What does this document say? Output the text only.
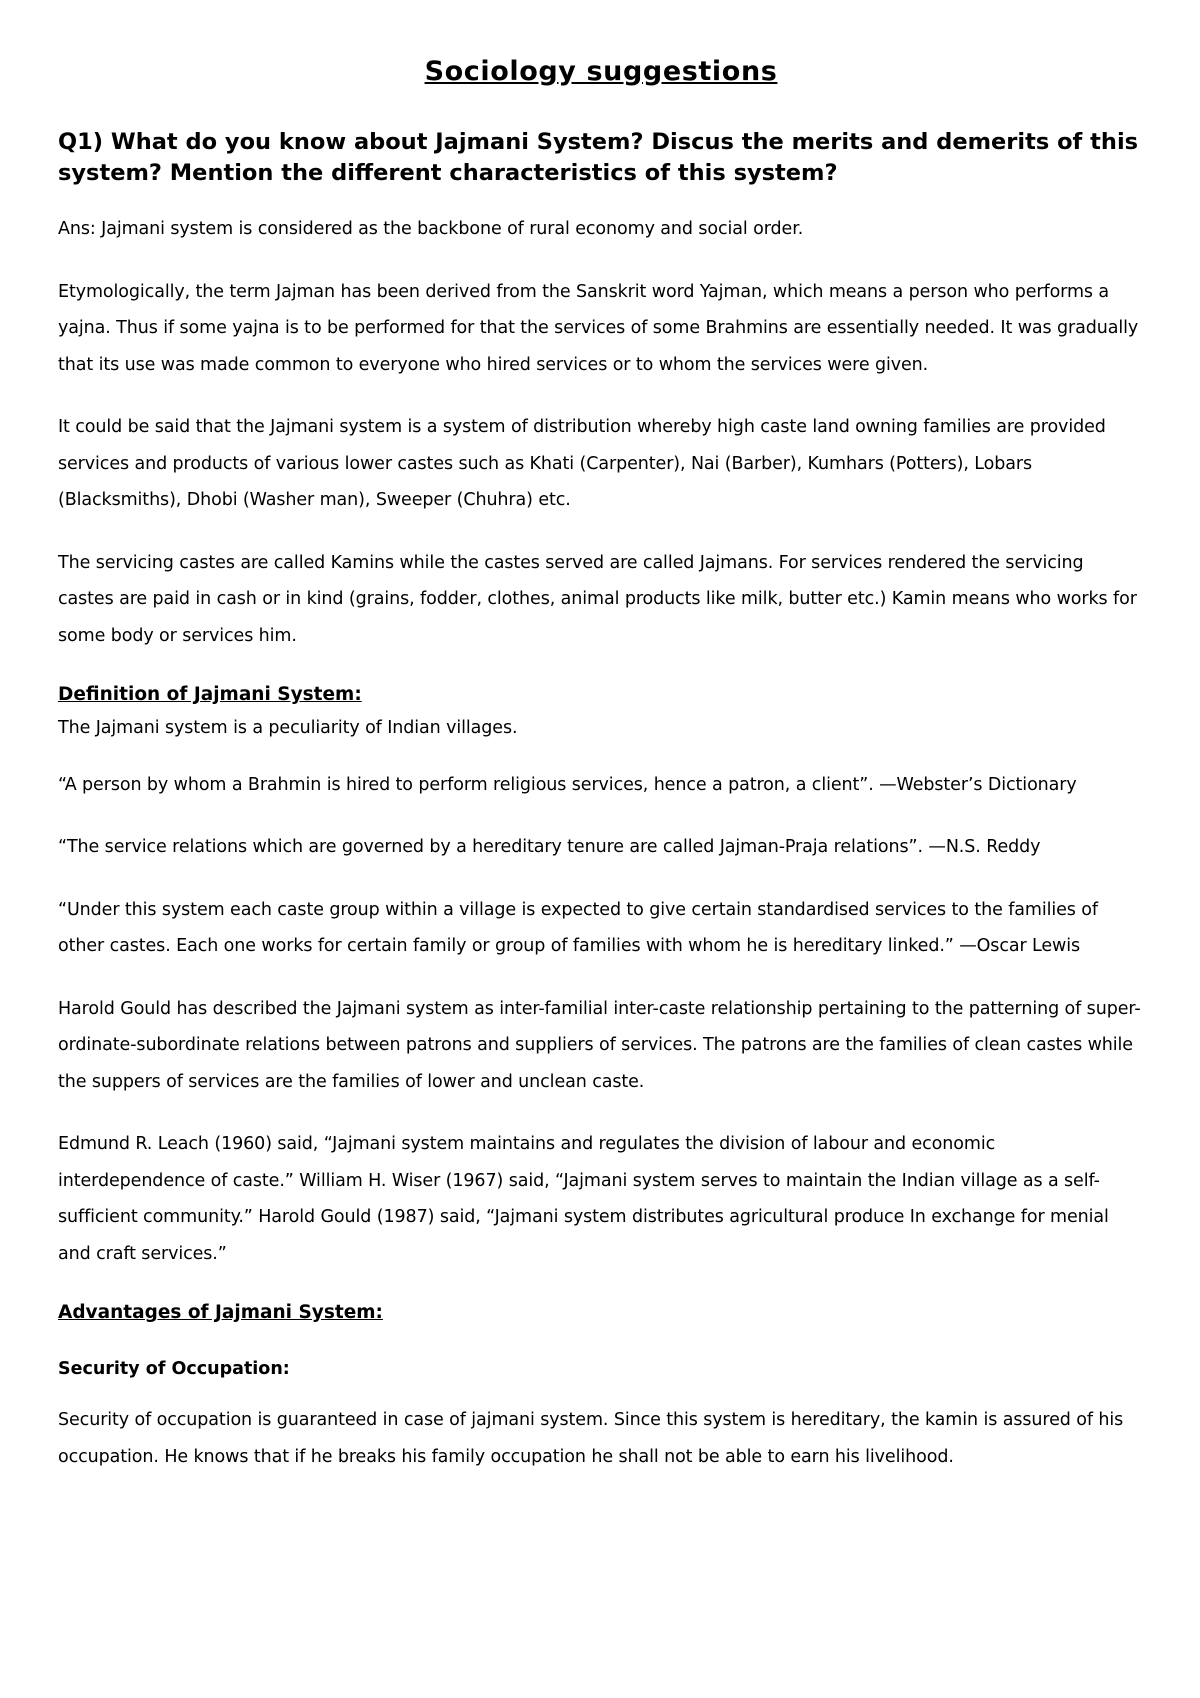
Sociology suggestions
Q1) What do you know about Jajmani System? Discus the merits and demerits of this system? Mention the different characteristics of this system?

Ans: Jajmani system is considered as the backbone of rural economy and social order.

Etymologically, the term Jajman has been derived from the Sanskrit word Yajman, which means a person who performs a yajna. Thus if some yajna is to be performed for that the services of some Brahmins are essentially needed. It was gradually that its use was made common to everyone who hired services or to whom the services were given.

It could be said that the Jajmani system is a system of distribution whereby high caste land owning families are provided services and products of various lower castes such as Khati (Carpenter), Nai (Barber), Kumhars (Potters), Lobars (Blacksmiths), Dhobi (Washer man), Sweeper (Chuhra) etc.

The servicing castes are called Kamins while the castes served are called Jajmans. For services rendered the servicing castes are paid in cash or in kind (grains, fodder, clothes, animal products like milk, butter etc.) Kamin means who works for some body or services him.

Definition of Jajmani System:

The Jajmani system is a peculiarity of Indian villages.

“A person by whom a Brahmin is hired to perform religious services, hence a patron, a client”. —Webster’s Dictionary

“The service relations which are governed by a hereditary tenure are called Jajman-Praja relations”. —N.S. Reddy

“Under this system each caste group within a village is expected to give certain standardised services to the families of other castes. Each one works for certain family or group of families with whom he is hereditary linked.” —Oscar Lewis

Harold Gould has described the Jajmani system as inter-familial inter-caste relationship pertaining to the patterning of super- ordinate-subordinate relations between patrons and suppliers of services. The patrons are the families of clean castes while the suppers of services are the families of lower and unclean caste.

Edmund R. Leach (1960) said, “Jajmani system maintains and regulates the division of labour and economic interdependence of caste.” William H. Wiser (1967) said, “Jajmani system serves to maintain the Indian village as a self-sufficient community.” Harold Gould (1987) said, “Jajmani system distributes agricultural produce In exchange for menial and craft services.”

Advantages of Jajmani System:
Security of Occupation:

Security of occupation is guaranteed in case of jajmani system. Since this system is hereditary, the kamin is assured of his occupation. He knows that if he breaks his family occupation he shall not be able to earn his livelihood.
